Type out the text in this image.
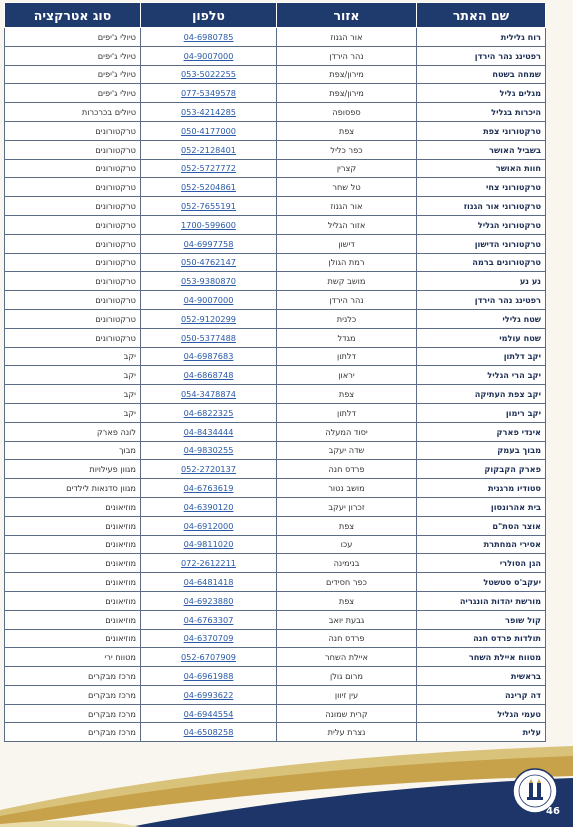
שם האתר	אזור	טלפון	סוג אטרקציה
רוח גלילית	אור הגנוז	04-6980785	טיולי ג'יפים
רפטינג נהר הירדן	נהר הירדן	04-9007000	טיולי ג'יפים
שמחה בשטח	מירון/צפת	053-5022255	טיולי ג'יפים
מגלים גליל	מירון/צפת	077-5349578	טיולי ג'יפים
היכרות בגליל	ספסופה	053-4214285	טיולים בכרכרות
טרקטורוני צפת	צפת	050-4177000	טרקטורונים
בשביל האושר	כפר כליל	052-2128401	טרקטורונים
חוות האושר	קצרין	052-5727772	טרקטורונים
טרקטורוני צחי	טל שחר	052-5204861	טרקטורונים
טרקטורוני אור הגנוז	אור הגנוז	052-7655191	טרקטורונים
טרקטורוני הגליל	אזור הגליל	1700-599600	טרקטורונים
טרקטורוני הדישון	דישון	04-6997758	טרקטורונים
טרקטורונים ברמה	רמת הגולן	050-4762147	טרקטורונים
נע נע	מושב קשת	053-9380870	טרקטורונים
רפטינג נהר הירדן	נהר הירדן	04-9007000	טרקטורונים
שטח גלילי	כלנית	052-9120299	טרקטורונים
שטח עולמי	מגדל	050-5377488	טרקטורונים
יקב דלתון	דלתון	04-6987683	יקב
יקב הרי הגליל	יראון	04-6868748	יקב
יקב צפת העתיקה	צפת	054-3478874	יקב
יקב רימון	דלתון	04-6822325	יקב
אינדי פארק	יסוד המעלה	04-8434444	לונה פארק
מבוך בעמק	שדה יעקב	04-9830255	מבוך
פארק הקבקוק	פרדס חנה	052-2720137	מגוון פעילויות
סטודיו מרגנית	מושב נטור	04-6763619	מגוון סדנאות לילדים
בית אהרונסון	זכרון יעקב	04-6390120	מוזיאונים
אוצר הסת"ם	צפת	04-6912000	מוזיאונים
אסירי המחתרת	עכו	04-9811020	מוזיאונים
הגן הסולרי	בנימינה	072-2612211	מוזיאונים
יעקב'ס סטשטל	כפר חסידים	04-6481418	מוזיאונים
מורשת יהדות הונגריה	צפת	04-6923880	מוזיאונים
קול שופר	גבעת יואב	04-6763307	מוזיאונים
תולדות פרדס חנה	פרדס חנה	04-6370709	מוזיאונים
מטווח איילת השחר	איילת השחר	052-6707909	מטווח ירי
בראשית	מרום גולן	04-6961988	מרכז מבקרים
דה קרינה	עין זיוון	04-6993622	מרכז מבקרים
טעמי הגליל	קרית שמונה	04-6944554	מרכז מבקרים
עלית	נצרת עלית	04-6508258	מרכז מבקרים
46
